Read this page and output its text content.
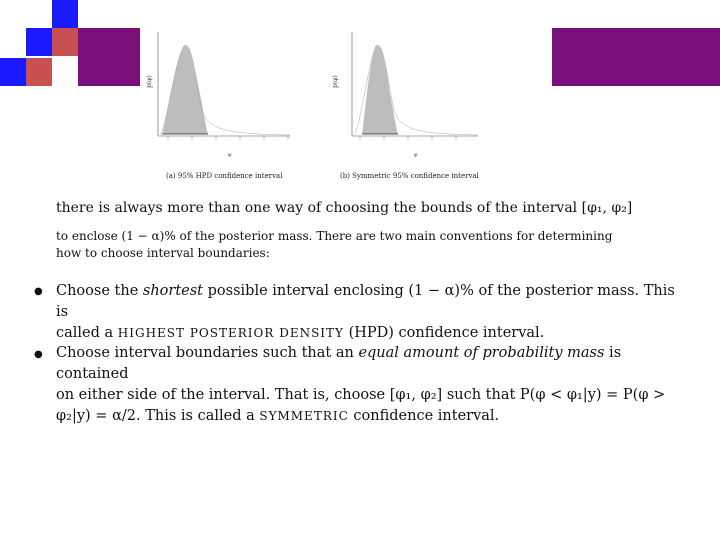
p(φ)
φ
(a) 95% HPD confidence interval
p(φ)
φ
(b) Symmetric 95% confidence interval
there is always more than one way of choosing the bounds of the interval [φ₁, φ₂]
to enclose (1 − α)% of the posterior mass. There are two main conventions for determining
how to choose interval boundaries:
● Choose the shortest possible interval enclosing (1 − α)% of the posterior mass. This is
called a HIGHEST POSTERIOR DENSITY (HPD) confidence interval.
● Choose interval boundaries such that an equal amount of probability mass is contained
on either side of the interval. That is, choose [φ₁, φ₂] such that P(φ < φ₁|y) = P(φ >
φ₂|y) = α/2. This is called a SYMMETRIC confidence interval.
